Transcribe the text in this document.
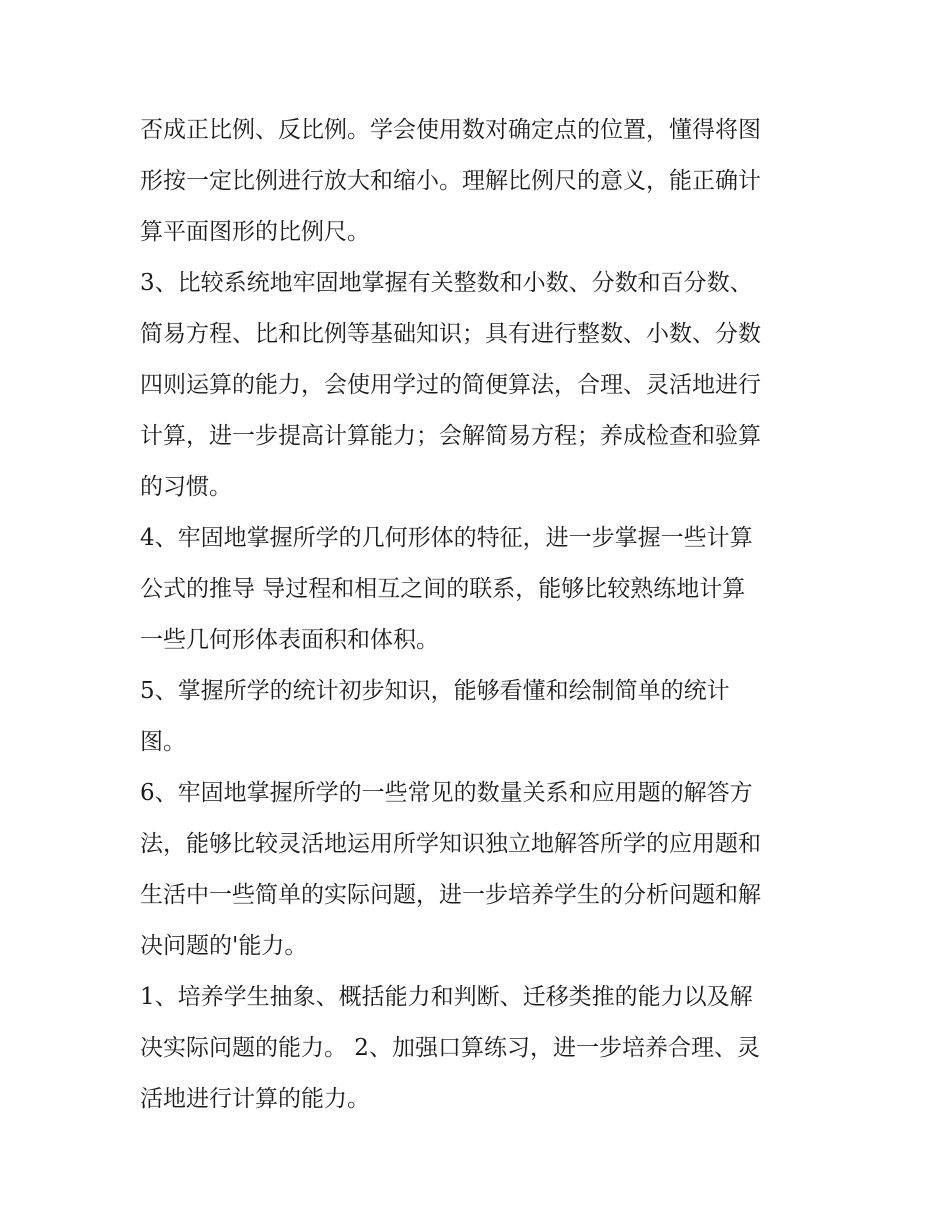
否成正比例、反比例。学会使用数对确定点的位置，懂得将图
形按一定比例进行放大和缩小。理解比例尺的意义，能正确计
算平面图形的比例尺。
3、比较系统地牢固地掌握有关整数和小数、分数和百分数、
简易方程、比和比例等基础知识；具有进行整数、小数、分数
四则运算的能力，会使用学过的简便算法，合理、灵活地进行
计算，进一步提高计算能力；会解简易方程；养成检查和验算
的习惯。
4、牢固地掌握所学的几何形体的特征，进一步掌握一些计算
公式的推导 导过程和相互之间的联系，能够比较熟练地计算
一些几何形体表面积和体积。
5、掌握所学的统计初步知识，能够看懂和绘制简单的统计
图。
6、牢固地掌握所学的一些常见的数量关系和应用题的解答方
法，能够比较灵活地运用所学知识独立地解答所学的应用题和
生活中一些简单的实际问题，进一步培养学生的分析问题和解
决问题的'能力。
1、培养学生抽象、概括能力和判断、迁移类推的能力以及解
决实际问题的能力。 2、加强口算练习，进一步培养合理、灵
活地进行计算的能力。
